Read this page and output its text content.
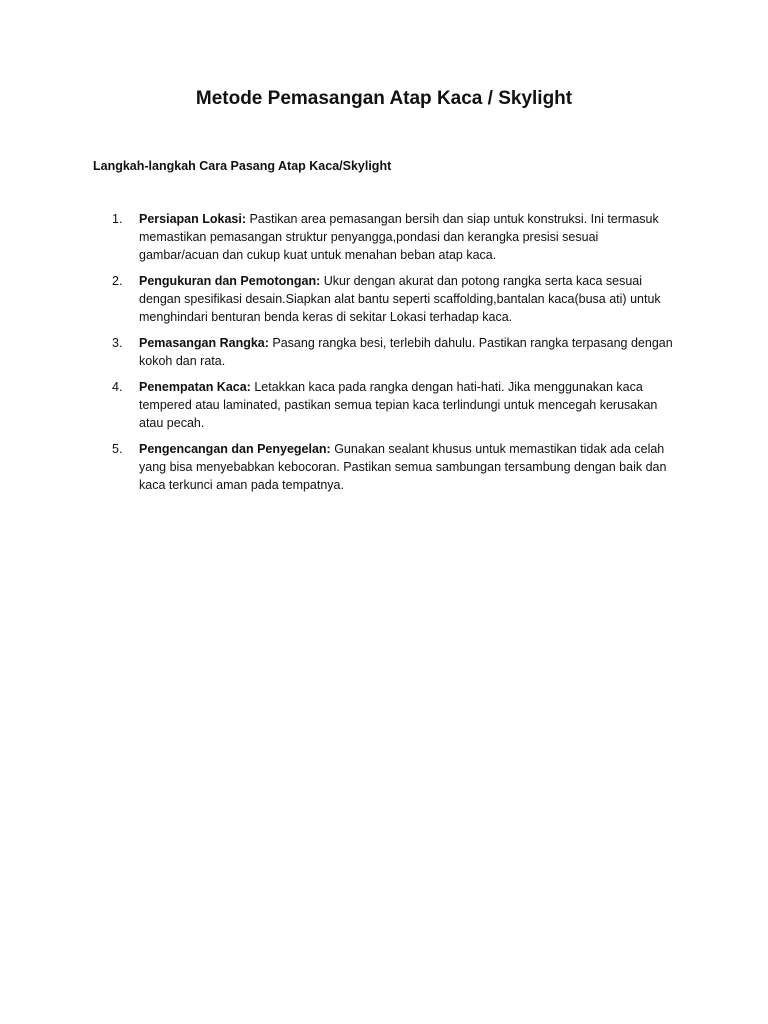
Metode Pemasangan Atap Kaca / Skylight

Langkah-langkah Cara Pasang Atap Kaca/Skylight

1.	Persiapan Lokasi: Pastikan area pemasangan bersih dan siap untuk konstruksi. Ini termasuk memastikan pemasangan struktur penyangga,pondasi dan kerangka presisi sesuai gambar/acuan dan cukup kuat untuk menahan beban atap kaca.
2.	Pengukuran dan Pemotongan: Ukur dengan akurat dan potong rangka serta kaca sesuai dengan spesifikasi desain.Siapkan alat bantu seperti scaffolding,bantalan kaca(busa ati) untuk menghindari benturan benda keras di sekitar Lokasi terhadap kaca.
3.	Pemasangan Rangka: Pasang rangka besi, terlebih dahulu. Pastikan rangka terpasang dengan kokoh dan rata.
4.	Penempatan Kaca: Letakkan kaca pada rangka dengan hati-hati. Jika menggunakan kaca tempered atau laminated, pastikan semua tepian kaca terlindungi untuk mencegah kerusakan atau pecah.
5.	Pengencangan dan Penyegelan: Gunakan sealant khusus untuk memastikan tidak ada celah yang bisa menyebabkan kebocoran. Pastikan semua sambungan tersambung dengan baik dan kaca terkunci aman pada tempatnya.
